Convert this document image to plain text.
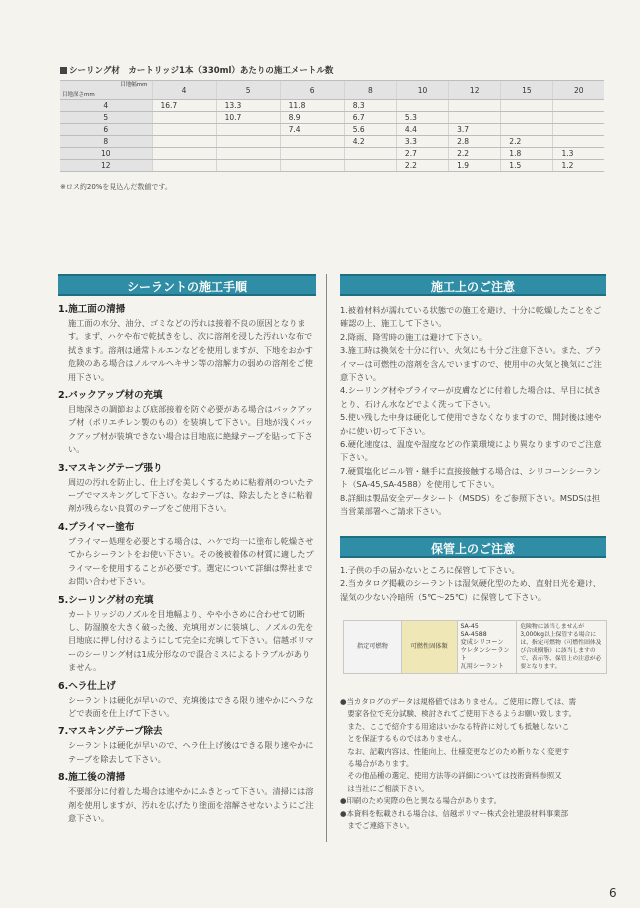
シーリング材　カートリッジ1本（330ml）あたりの施工メートル数
目地幅mm
目地深さmm	4	5	6	8	10	12	15	20
4	16.7	13.3	11.8	8.3				
5		10.7	8.9	6.7	5.3			
6			7.4	5.6	4.4	3.7		
8				4.2	3.3	2.8	2.2	
10					2.7	2.2	1.8	1.3
12					2.2	1.9	1.5	1.2
※ロス約20%を見込んだ数値です。
シーラントの施工手順
1.施工面の清掃
施工面の水分、油分、ゴミなどの汚れは接着不良の原因となります。まず、ハケや布で乾拭きをし、次に溶剤を浸した汚れいな布で拭きます。溶剤は通常トルエンなどを使用しますが、下地をおかす危険のある場合はノルマルヘキサン等の溶解力の弱めの溶剤をご使用下さい。
2.バックアップ材の充填
目地深さの調節および底部接着を防ぐ必要がある場合はバックアップ材（ポリエチレン製のもの）を装填して下さい。目地が浅くバックアップ材が装填できない場合は目地底に絶縁テープを貼って下さい。
3.マスキングテープ張り
周辺の汚れを防止し、仕上げを美しくするために粘着剤のついたテープでマスキングして下さい。なおテープは、除去したときに粘着剤が残らない良質のテープをご使用下さい。
4.プライマー塗布
プライマー処理を必要とする場合は、ハケで均一に塗布し乾燥させてからシーラントをお使い下さい。その後被着体の材質に適したプライマーを使用することが必要です。選定について詳細は弊社までお問い合わせ下さい。
5.シーリング材の充填
カートリッジのノズルを目地幅より、やや小さめに合わせて切断し、防湿膜を大きく破った後、充填用ガンに装填し、ノズルの先を目地底に押し付けるようにして完全に充填して下さい。信越ポリマーのシーリング材は1成分形なので混合ミスによるトラブルがありません。
6.ヘラ仕上げ
シーラントは硬化が早いので、充填後はできる限り速やかにヘラなどで表面を仕上げて下さい。
7.マスキングテープ除去
シーラントは硬化が早いので、ヘラ仕上げ後はできる限り速やかにテープを除去して下さい。
8.施工後の清掃
不要部分に付着した場合は速やかにふきとって下さい。清掃には溶剤を使用しますが、汚れを広げたり塗面を溶解させないようにご注意下さい。
施工上のご注意

1.被着材料が濡れている状態での施工を避け、十分に乾燥したことをご確認の上、施工して下さい。

2.降雨、降雪時の施工は避けて下さい。

3.施工時は換気を十分に行い、火気にも十分ご注意下さい。また、プライマーは可燃性の溶剤を含んでいますので、使用中の火気と換気にご注意下さい。

4.シーリング材やプライマーが皮膚などに付着した場合は、早目に拭きとり、石けん水などでよく洗って下さい。

5.使い残した中身は硬化して使用できなくなりますので、開封後は速やかに使い切って下さい。

6.硬化速度は、温度や湿度などの作業環境により異なりますのでご注意下さい。

7.硬質塩化ビニル管・継手に直接接触する場合は、シリコーンシーラント（SA-45,SA-4588）を使用して下さい。

8.詳細は製品安全データシート（MSDS）をご参照下さい。MSDSは担当営業部署へご請求下さい。

保管上のご注意

1.子供の手の届かないところに保管して下さい。

2.当カタログ掲載のシーラントは湿気硬化型のため、直射日光を避け、湿気の少ない冷暗所（5℃〜25℃）に保管して下さい。

指定可燃物	可燃性固体類	
SA-45
SA-4588
変成シリコーン
ウレタンシーラント
瓦用シーラント
	危険物に該当しませんが3,000kg以上保管する場合には、指定可燃物（可燃性固体及び合成樹脂）に該当しますので、表示等、保管上の注意が必要となります。
●当カタログのデータは規格値ではありません。ご使用に際しては、需
　要家各位で充分試験、検討されてご使用下さるようお願い致します。
　また、ここで紹介する用途はいかなる特許に対しても抵触しないこ
　とを保証するものではありません。
　なお、記載内容は、性能向上、仕様変更などのため断りなく変更す
　る場合があります。
　その他品種の選定、使用方法等の詳細については技術資料参照又
　は当社にご相談下さい。
●印刷のため実際の色と異なる場合があります。
●本資料を転載される場合は、信越ポリマー株式会社建設材料事業部
　までご連絡下さい。
6
